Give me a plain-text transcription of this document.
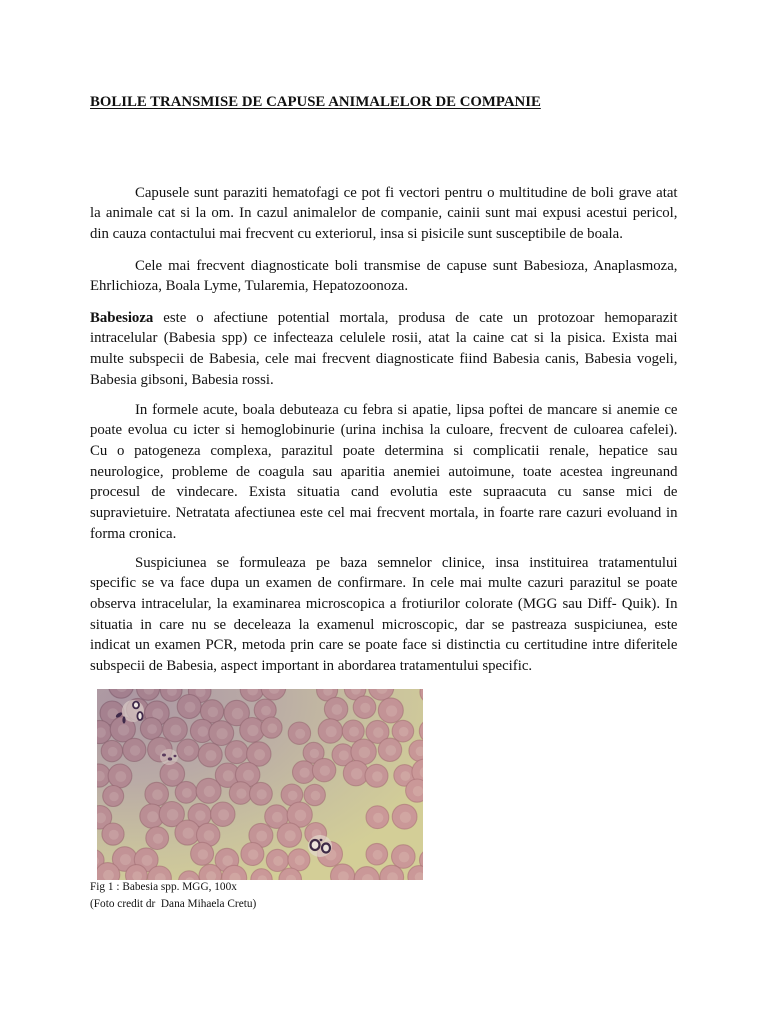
BOLILE TRANSMISE DE CAPUSE ANIMALELOR DE COMPANIE
Capusele sunt paraziti hematofagi ce pot fi vectori pentru o multitudine de boli grave atat
la animale cat si la om. In cazul animalelor de companie, cainii sunt mai expusi acestui pericol,
din cauza contactului mai frecvent cu exteriorul, insa si pisicile sunt susceptibile de boala.
Cele mai frecvent diagnosticate boli transmise de capuse sunt Babesioza, Anaplasmoza,
Ehrlichioza, Boala Lyme, Tularemia, Hepatozoonoza.
Babesioza este o afectiune potential mortala, produsa de cate un protozoar hemoparazit
intracelular (Babesia spp) ce infecteaza celulele rosii, atat la caine cat si la pisica. Exista mai
multe subspecii de Babesia, cele mai frecvent diagnosticate fiind Babesia canis, Babesia vogeli,
Babesia gibsoni, Babesia rossi.
In formele acute, boala debuteaza cu febra si apatie, lipsa poftei de mancare si anemie ce
poate evolua cu icter si hemoglobinurie (urina inchisa la culoare, frecvent de culoarea cafelei).
Cu o patogeneza complexa, parazitul poate determina si complicatii renale, hepatice sau
neurologice, probleme de coagula sau aparitia anemiei autoimune, toate acestea ingreunand
procesul de vindecare. Exista situatia cand evolutia este supraacuta cu sanse mici de
supravietuire. Netratata afectiunea este cel mai frecvent mortala, in foarte rare cazuri evoluand in
forma cronica.
Suspiciunea se formuleaza pe baza semnelor clinice, insa instituirea tratamentului
specific se va face dupa un examen de confirmare. In cele mai multe cazuri parazitul se poate
observa intracelular, la examinarea microscopica a frotiurilor colorate (MGG sau Diff- Quik). In
situatia in care nu se deceleaza la examenul microscopic, dar se pastreaza suspiciunea, este
indicat un examen PCR, metoda prin care se poate face si distinctia cu certitudine intre diferitele
subspecii de Babesia, aspect important in abordarea tratamentului specific.
Fig 1 : Babesia spp. MGG, 100x
(Foto credit dr  Dana Mihaela Cretu)
